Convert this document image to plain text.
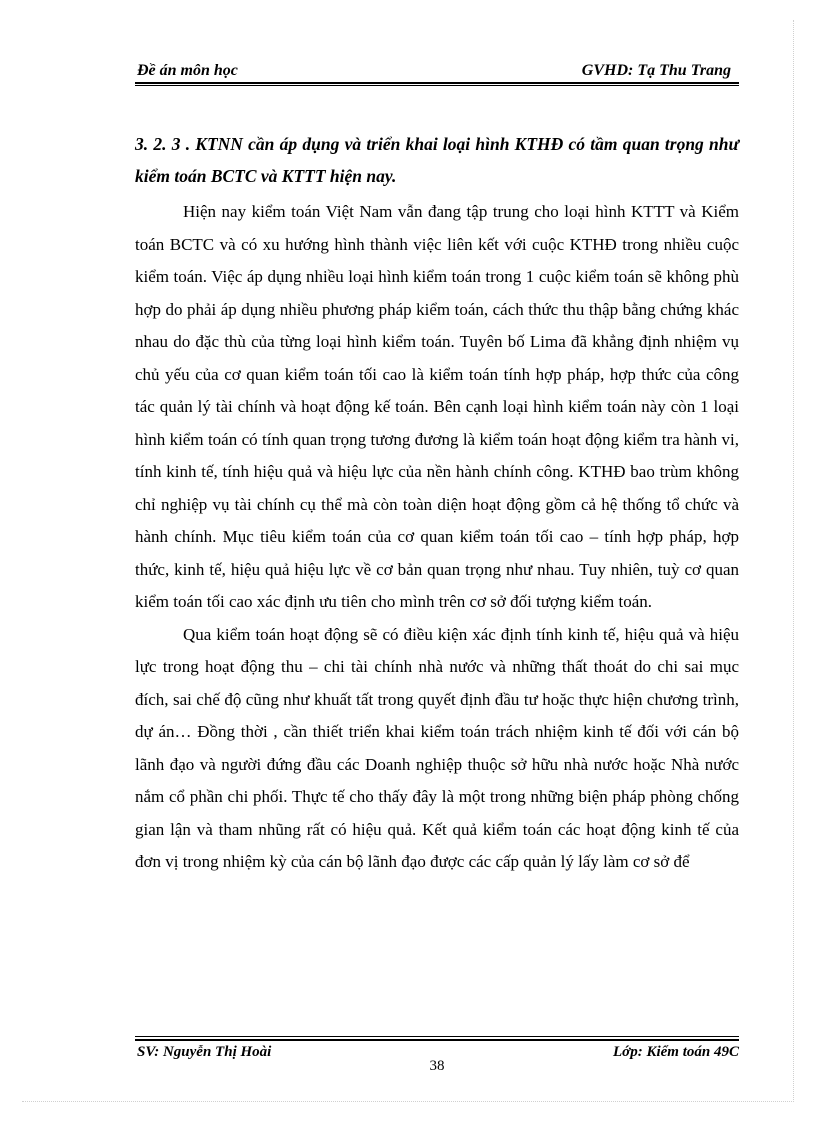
Đề án môn học	GVHD: Tạ Thu Trang
3. 2. 3 . KTNN cần áp dụng và triển khai loại hình KTHĐ có tầm quan trọng như kiểm toán BCTC và KTTT hiện nay.

Hiện nay kiểm toán Việt Nam vẫn đang tập trung cho loại hình KTTT và Kiểm toán BCTC và có xu hướng hình thành việc liên kết với cuộc KTHĐ trong nhiều cuộc kiểm toán. Việc áp dụng nhiều loại hình kiểm toán trong 1 cuộc kiểm toán sẽ không phù hợp do phải áp dụng nhiều phương pháp kiểm toán, cách thức thu thập bằng chứng khác nhau do đặc thù của từng loại hình kiểm toán. Tuyên bố Lima đã khẳng định nhiệm vụ chủ yếu của cơ quan kiểm toán tối cao là kiểm toán tính hợp pháp, hợp thức của công tác quản lý tài chính và hoạt động kế toán. Bên cạnh loại hình kiểm toán này còn 1 loại hình kiểm toán có tính quan trọng tương đương là kiểm toán hoạt động kiểm tra hành vi, tính kinh tế, tính hiệu quả và hiệu lực của nền hành chính công. KTHĐ bao trùm không chỉ nghiệp vụ tài chính cụ thể mà còn toàn diện hoạt động gồm cả hệ thống tổ chức và hành chính. Mục tiêu kiểm toán của cơ quan kiểm toán tối cao – tính hợp pháp, hợp thức, kinh tế, hiệu quả hiệu lực về cơ bản quan trọng như nhau. Tuy nhiên, tuỳ cơ quan kiểm toán tối cao xác định ưu tiên cho mình trên cơ sở đối tượng kiểm toán.

Qua kiểm toán hoạt động sẽ có điều kiện xác định tính kinh tế, hiệu quả và hiệu lực trong hoạt động thu – chi tài chính nhà nước và những thất thoát do chi sai mục đích, sai chế độ cũng như khuất tất trong quyết định đầu tư hoặc thực hiện chương trình, dự án… Đồng thời , cần thiết triển khai kiểm toán trách nhiệm kinh tế đối với cán bộ lãnh đạo và người đứng đầu các Doanh nghiệp thuộc sở hữu nhà nước hoặc Nhà nước nắm cổ phần chi phối. Thực tế cho thấy đây là một trong những biện pháp phòng chống gian lận và tham nhũng rất có hiệu quả. Kết quả kiểm toán các hoạt động kinh tế của đơn vị trong nhiệm kỳ của cán bộ lãnh đạo được các cấp quản lý lấy làm cơ sở để

SV: Nguyễn Thị Hoài	Lớp: Kiểm toán 49C
38
